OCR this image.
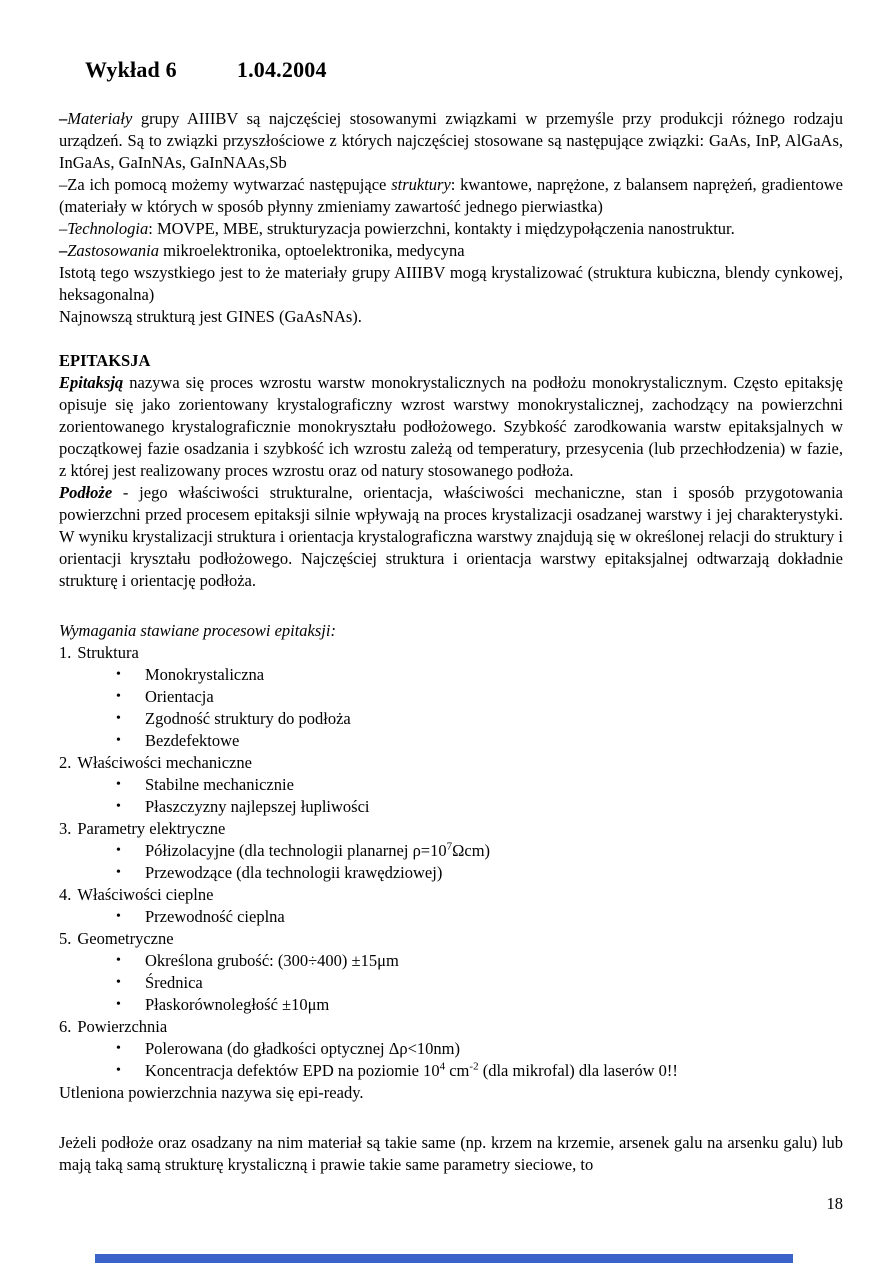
Wykład 6	1.04.2004

–Materiały grupy AIIIBV są najczęściej stosowanymi związkami w przemyśle przy produkcji różnego rodzaju urządzeń. Są to związki przyszłościowe z których najczęściej stosowane są następujące związki: GaAs, InP, AlGaAs, InGaAs, GaInNAs, GaInNAAs,Sb

–Za ich pomocą możemy wytwarzać następujące struktury: kwantowe, naprężone, z balansem naprężeń, gradientowe (materiały w których w sposób płynny zmieniamy zawartość jednego pierwiastka)

–Technologia: MOVPE, MBE, strukturyzacja powierzchni, kontakty i międzypołączenia nanostruktur.

–Zastosowania mikroelektronika, optoelektronika, medycyna

Istotą tego wszystkiego jest to że materiały grupy AIIIBV mogą krystalizować (struktura kubiczna, blendy cynkowej, heksagonalna)

Najnowszą strukturą jest GINES (GaAsNAs).

EPITAKSJA

Epitaksją nazywa się proces wzrostu warstw monokrystalicznych na podłożu monokrystalicznym. Często epitaksję opisuje się jako zorientowany krystalograficzny wzrost warstwy monokrystalicznej, zachodzący na powierzchni zorientowanego krystalograficznie monokryształu podłożowego. Szybkość zarodkowania warstw epitaksjalnych w początkowej fazie osadzania i szybkość ich wzrostu zależą od temperatury, przesycenia (lub przechłodzenia) w fazie, z której jest realizowany proces wzrostu oraz od natury stosowanego podłoża.

Podłoże - jego właściwości strukturalne, orientacja, właściwości mechaniczne, stan i sposób przygotowania powierzchni przed procesem epitaksji silnie wpływają na proces krystalizacji osadzanej warstwy i jej charakterystyki. W wyniku krystalizacji struktura i orientacja krystalograficzna warstwy znajdują się w określonej relacji do struktury i orientacji kryształu podłożowego. Najczęściej struktura i orientacja warstwy epitaksjalnej odtwarzają dokładnie strukturę i orientację podłoża.

Wymagania stawiane procesowi epitaksji:
1. Struktura
•	Monokrystaliczna
•	Orientacja
•	Zgodność struktury do podłoża
•	Bezdefektowe
2. Właściwości mechaniczne
•	Stabilne mechanicznie
•	Płaszczyzny najlepszej łupliwości
3. Parametry elektryczne
•	Półizolacyjne (dla technologii planarnej $\rho=10^7\Omega cm$)
•	Przewodzące (dla technologii krawędziowej)
4. Właściwości cieplne
•	Przewodność cieplna
5. Geometryczne
•	Określona grubość: (300÷400) ±15μm
•	Średnica
•	Płaskorównoległość ±10μm
6. Powierzchnia
•	Polerowana (do gładkości optycznej Δρ<10nm)
•	Koncentracja defektów EPD na poziomie $10^4$ $cm^{-2}$ (dla mikrofal) dla laserów 0!!
Utleniona powierzchnia nazywa się epi-ready.

Jeżeli podłoże oraz osadzany na nim materiał są takie same (np. krzem na krzemie, arsenek galu na arsenku galu) lub mają taką samą strukturę krystaliczną i prawie takie same parametry sieciowe, to

18
